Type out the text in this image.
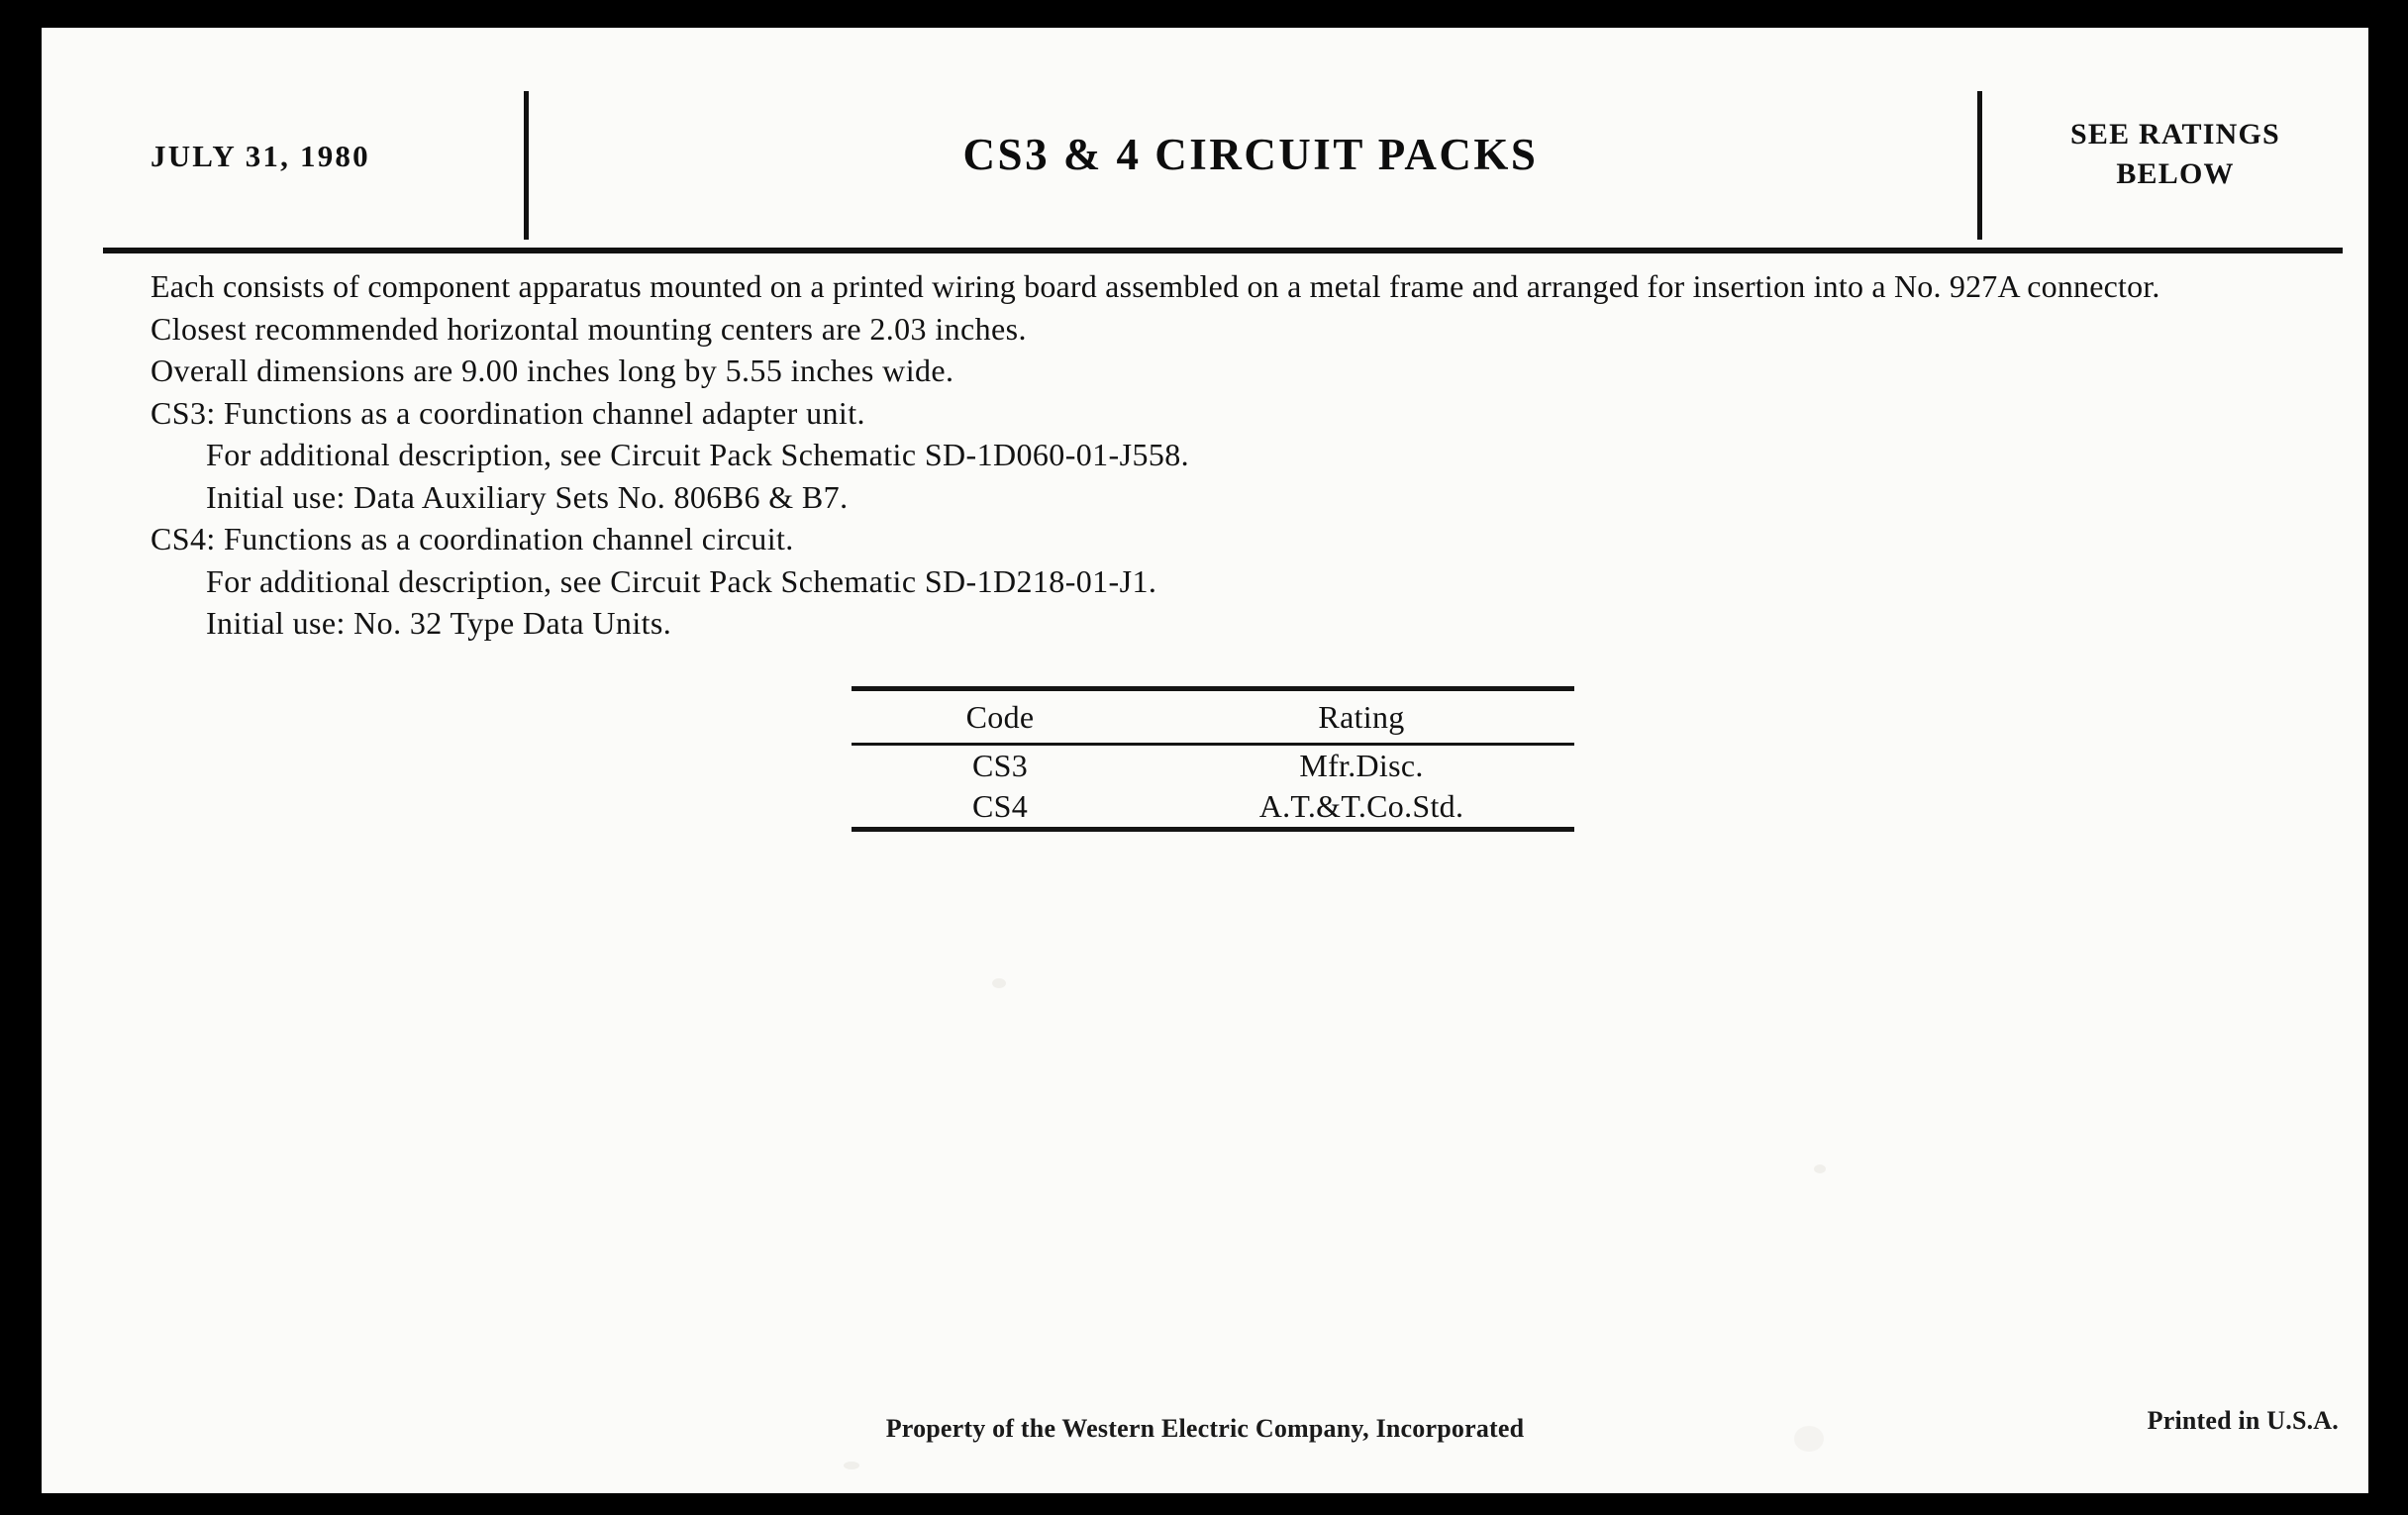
JULY 31, 1980	CS3 & 4 CIRCUIT PACKS	SEE RATINGS
BELOW
Each consists of component apparatus mounted on a printed wiring board assembled on a metal frame and arranged for insertion into a No. 927A connector.
Closest recommended horizontal mounting centers are 2.03 inches.
Overall dimensions are 9.00 inches long by 5.55 inches wide.
CS3: Functions as a coordination channel adapter unit.
For additional description, see Circuit Pack Schematic SD-1D060-01-J558.
Initial use: Data Auxiliary Sets No. 806B6 & B7.
CS4: Functions as a coordination channel circuit.
For additional description, see Circuit Pack Schematic SD-1D218-01-J1.
Initial use: No. 32 Type Data Units.
Code	Rating
CS3	Mfr.Disc.
CS4	A.T.&T.Co.Std.
Property of the Western Electric Company, Incorporated	Printed in U.S.A.
